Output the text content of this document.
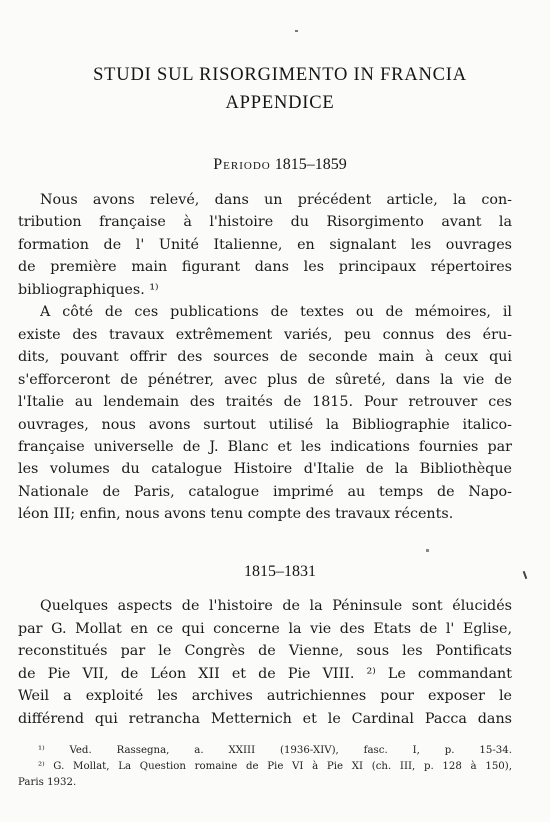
STUDI SUL RISORGIMENTO IN FRANCIA
APPENDICE
Periodo 1815–1859
Nous avons relevé, dans un précédent article, la con-
tribution française à l'histoire du Risorgimento avant la
formation de l' Unité Italienne, en signalant les ouvrages
de première main figurant dans les principaux répertoires
bibliographiques. ¹⁾
A côté de ces publications de textes ou de mémoires, il
existe des travaux extrêmement variés, peu connus des éru-
dits, pouvant offrir des sources de seconde main à ceux qui
s'efforceront de pénétrer, avec plus de sûreté, dans la vie de
l'Italie au lendemain des traités de 1815. Pour retrouver ces
ouvrages, nous avons surtout utilisé la Bibliographie italico-
française universelle de J. Blanc et les indications fournies par
les volumes du catalogue Histoire d'Italie de la Bibliothèque
Nationale de Paris, catalogue imprimé au temps de Napo-
léon III; enfin, nous avons tenu compte des travaux récents.
1815–1831
Quelques aspects de l'histoire de la Péninsule sont élucidés
par G. Mollat en ce qui concerne la vie des Etats de l' Eglise,
reconstitués par le Congrès de Vienne, sous les Pontificats
de Pie VII, de Léon XII et de Pie VIII. ²⁾ Le commandant
Weil a exploité les archives autrichiennes pour exposer le
différend qui retrancha Metternich et le Cardinal Pacca dans
¹⁾ Ved. Rassegna, a. XXIII (1936-XIV), fasc. I, p. 15-34.
²⁾ G. Mollat, La Question romaine de Pie VI à Pie XI (ch. III, p. 128 à 150),
Paris 1932.
